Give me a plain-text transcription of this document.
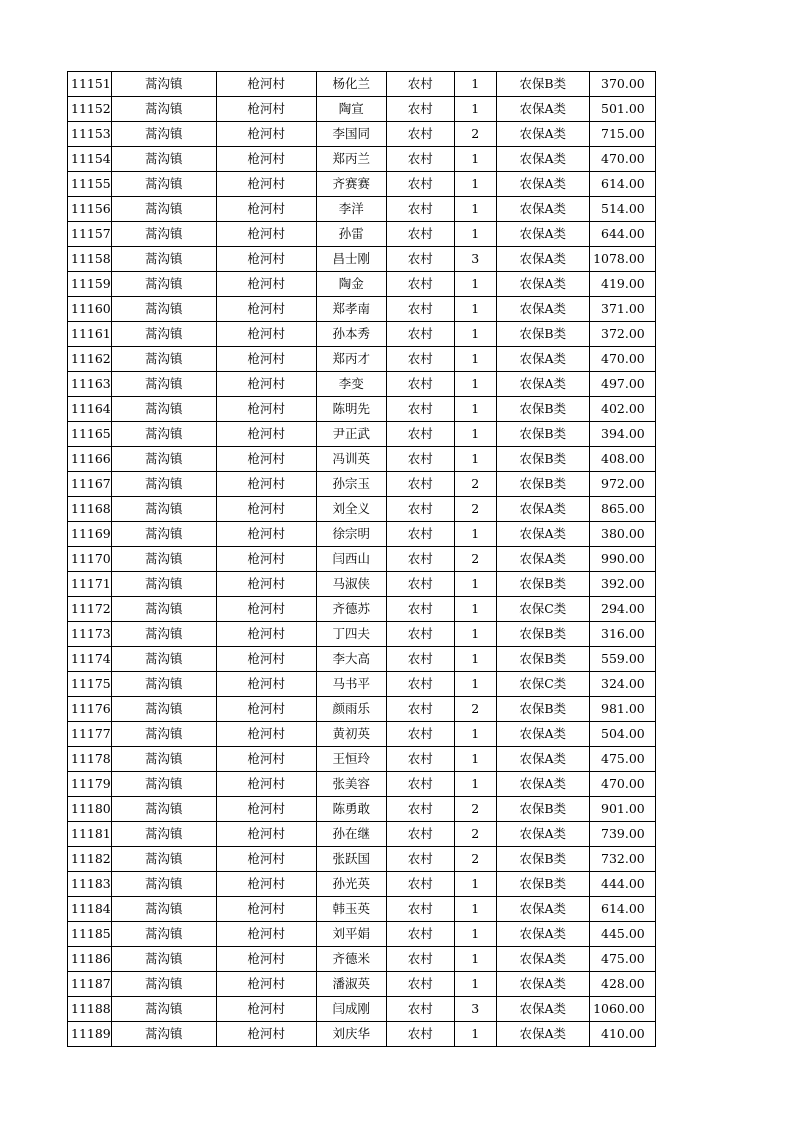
11151	蒿沟镇	枪河村	杨化兰	农村	1	农保B类	370.00
11152	蒿沟镇	枪河村	陶宣	农村	1	农保A类	501.00
11153	蒿沟镇	枪河村	李国同	农村	2	农保A类	715.00
11154	蒿沟镇	枪河村	郑丙兰	农村	1	农保A类	470.00
11155	蒿沟镇	枪河村	齐赛赛	农村	1	农保A类	614.00
11156	蒿沟镇	枪河村	李洋	农村	1	农保A类	514.00
11157	蒿沟镇	枪河村	孙雷	农村	1	农保A类	644.00
11158	蒿沟镇	枪河村	昌士刚	农村	3	农保A类	1078.00
11159	蒿沟镇	枪河村	陶金	农村	1	农保A类	419.00
11160	蒿沟镇	枪河村	郑孝南	农村	1	农保A类	371.00
11161	蒿沟镇	枪河村	孙本秀	农村	1	农保B类	372.00
11162	蒿沟镇	枪河村	郑丙才	农村	1	农保A类	470.00
11163	蒿沟镇	枪河村	李变	农村	1	农保A类	497.00
11164	蒿沟镇	枪河村	陈明先	农村	1	农保B类	402.00
11165	蒿沟镇	枪河村	尹正武	农村	1	农保B类	394.00
11166	蒿沟镇	枪河村	冯训英	农村	1	农保B类	408.00
11167	蒿沟镇	枪河村	孙宗玉	农村	2	农保B类	972.00
11168	蒿沟镇	枪河村	刘全义	农村	2	农保A类	865.00
11169	蒿沟镇	枪河村	徐宗明	农村	1	农保A类	380.00
11170	蒿沟镇	枪河村	闫西山	农村	2	农保A类	990.00
11171	蒿沟镇	枪河村	马淑侠	农村	1	农保B类	392.00
11172	蒿沟镇	枪河村	齐德苏	农村	1	农保C类	294.00
11173	蒿沟镇	枪河村	丁四夫	农村	1	农保B类	316.00
11174	蒿沟镇	枪河村	李大高	农村	1	农保B类	559.00
11175	蒿沟镇	枪河村	马书平	农村	1	农保C类	324.00
11176	蒿沟镇	枪河村	颜雨乐	农村	2	农保B类	981.00
11177	蒿沟镇	枪河村	黄初英	农村	1	农保A类	504.00
11178	蒿沟镇	枪河村	王恒玲	农村	1	农保A类	475.00
11179	蒿沟镇	枪河村	张美容	农村	1	农保A类	470.00
11180	蒿沟镇	枪河村	陈勇敢	农村	2	农保B类	901.00
11181	蒿沟镇	枪河村	孙在继	农村	2	农保A类	739.00
11182	蒿沟镇	枪河村	张跃国	农村	2	农保B类	732.00
11183	蒿沟镇	枪河村	孙光英	农村	1	农保B类	444.00
11184	蒿沟镇	枪河村	韩玉英	农村	1	农保A类	614.00
11185	蒿沟镇	枪河村	刘平娟	农村	1	农保A类	445.00
11186	蒿沟镇	枪河村	齐德米	农村	1	农保A类	475.00
11187	蒿沟镇	枪河村	潘淑英	农村	1	农保A类	428.00
11188	蒿沟镇	枪河村	闫成刚	农村	3	农保A类	1060.00
11189	蒿沟镇	枪河村	刘庆华	农村	1	农保A类	410.00
